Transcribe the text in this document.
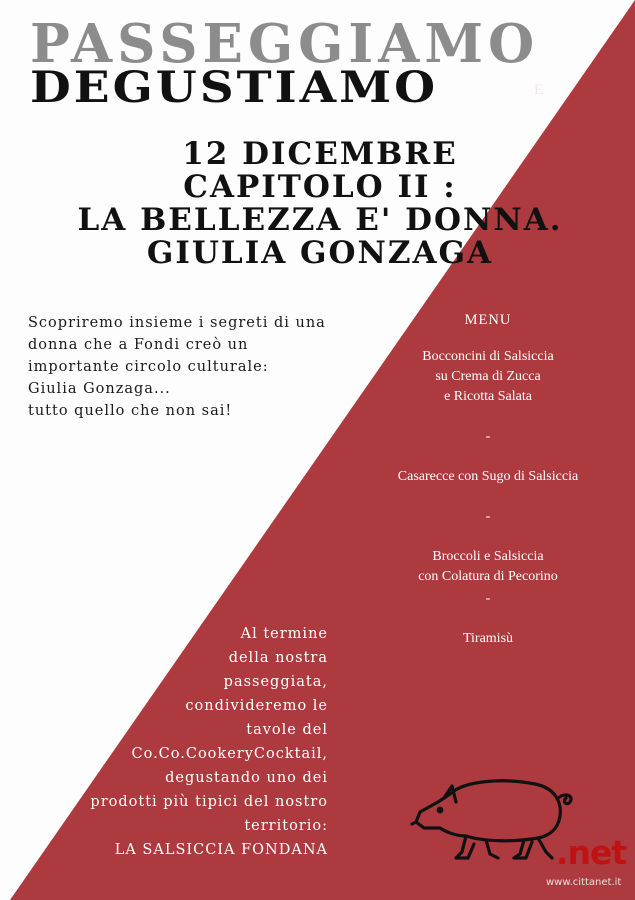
PASSEGGIAMO
DEGUSTIAMO	E
12 DICEMBRE
CAPITOLO II :
LA BELLEZZA E' DONNA.
GIULIA GONZAGA
Scopriremo insieme i segreti di una
donna che a Fondi creò un
importante circolo culturale:
Giulia Gonzaga...
tutto quello che non sai!
MENU
Bocconcini di Salsiccia
su Crema di Zucca
e Ricotta Salata
-
Casarecce con Sugo di Salsiccia
-
Broccoli e Salsiccia
con Colatura di Pecorino
-
Tiramisù
Al termine
della nostra
passeggiata,
condivideremo le
tavole del
Co.Co.CookeryCocktail,
degustando uno dei
prodotti più tipici del nostro
territorio:
LA SALSICCIA FONDANA	.net
www.cittanet.it
